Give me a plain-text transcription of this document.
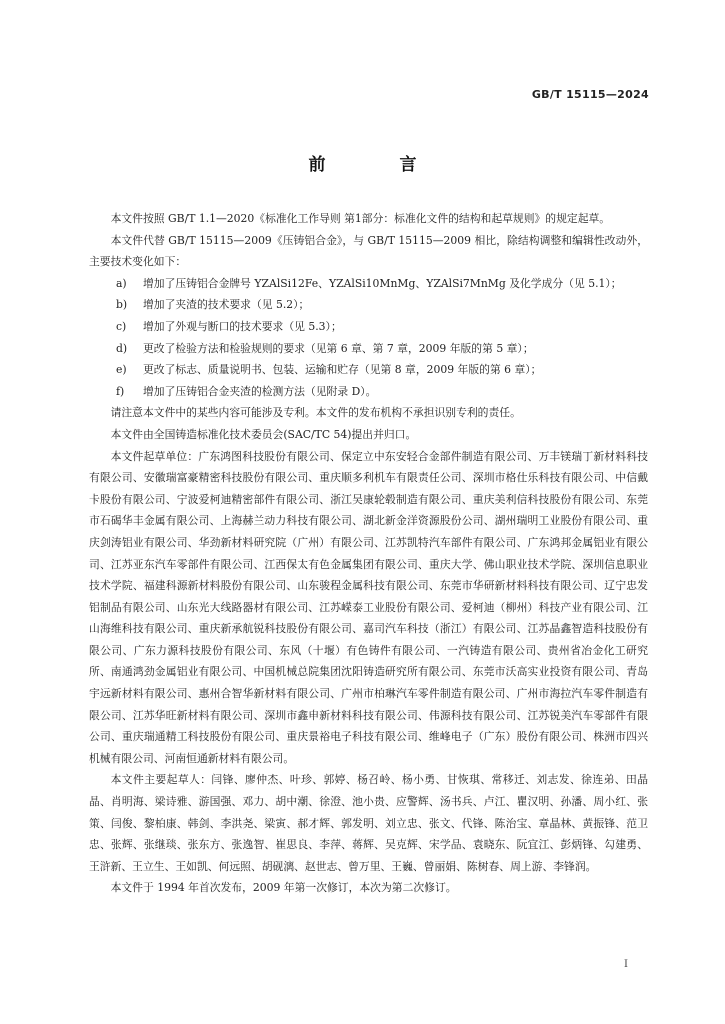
GB/T 15115—2024
前 言

本文件按照 GB/T 1.1—2020《标准化工作导则 第1部分：标准化文件的结构和起草规则》的规定起草。

本文件代替 GB/T 15115—2009《压铸铝合金》，与 GB/T 15115—2009 相比，除结构调整和编辑性改动外，主要技术变化如下：

a)	增加了压铸铝合金牌号 YZAlSi12Fe、YZAlSi10MnMg、YZAlSi7MnMg 及化学成分（见 5.1）；
b)	增加了夹渣的技术要求（见 5.2）；
c)	增加了外观与断口的技术要求（见 5.3）；
d)	更改了检验方法和检验规则的要求（见第 6 章、第 7 章，2009 年版的第 5 章）；
e)	更改了标志、质量说明书、包装、运输和贮存（见第 8 章，2009 年版的第 6 章）；
f)	增加了压铸铝合金夹渣的检测方法（见附录 D）。

请注意本文件中的某些内容可能涉及专利。本文件的发布机构不承担识别专利的责任。

本文件由全国铸造标准化技术委员会(SAC/TC 54)提出并归口。

本文件起草单位：广东鸿图科技股份有限公司、保定立中东安轻合金部件制造有限公司、万丰镁瑞丁新材料科技有限公司、安徽瑞富豪精密科技股份有限公司、重庆顺多利机车有限责任公司、深圳市格仕乐科技有限公司、中信戴卡股份有限公司、宁波爱柯迪精密部件有限公司、浙江吴康轮毂制造有限公司、重庆美利信科技股份有限公司、东莞市石碣华丰金属有限公司、上海赫兰动力科技有限公司、湖北新金洋资源股份公司、湖州瑞明工业股份有限公司、重庆剑涛铝业有限公司、华劲新材料研究院（广州）有限公司、江苏凯特汽车部件有限公司、广东鸿邦金属铝业有限公司、江苏亚东汽车零部件有限公司、江西保太有色金属集团有限公司、重庆大学、佛山职业技术学院、深圳信息职业技术学院、福建科源新材料股份有限公司、山东骏程金属科技有限公司、东莞市华研新材料科技有限公司、辽宁忠发铝制品有限公司、山东光大线路器材有限公司、江苏嵘泰工业股份有限公司、爱柯迪（柳州）科技产业有限公司、江山海维科技有限公司、重庆新承航锐科技股份有限公司、嘉司汽车科技（浙江）有限公司、江苏晶鑫智造科技股份有限公司、广东力源科技股份有限公司、东风（十堰）有色铸件有限公司、一汽铸造有限公司、贵州省冶金化工研究所、南通鸿劲金属铝业有限公司、中国机械总院集团沈阳铸造研究所有限公司、东莞市沃高实业投资有限公司、青岛宇远新材料有限公司、惠州合智华新材料有限公司、广州市柏琳汽车零件制造有限公司、广州市海拉汽车零件制造有限公司、江苏华旺新材料有限公司、深圳市鑫申新材料科技有限公司、伟源科技有限公司、江苏锐美汽车零部件有限公司、重庆瑞通精工科技股份有限公司、重庆景裕电子科技有限公司、维峰电子（广东）股份有限公司、株洲市四兴机械有限公司、河南恒通新材料有限公司。

本文件主要起草人：闫锋、廖仲杰、叶珍、郭婷、杨召岭、杨小勇、甘恢琪、常移迁、刘志发、徐连弟、田晶晶、肖明海、梁诗雅、游国强、邓力、胡中潮、徐澄、池小贵、应警辉、汤书兵、卢江、瞿汉明、孙潘、周小红、张策、闫俊、黎柏康、韩剑、李洪尧、梁寅、郝才辉、郭发明、刘立忠、张文、代锋、陈治宝、章晶林、黄振锋、范卫忠、张辉、张继琰、张东方、张逸智、崔思良、李萍、蒋辉、吴克辉、宋学品、袁晓东、阮宜江、彭炳锋、勾建勇、王浒新、王立生、王如凯、何远照、胡砚漓、赵世志、曾万里、王巍、曾丽娟、陈树春、周上游、李锋润。

本文件于 1994 年首次发布，2009 年第一次修订，本次为第二次修订。

I
